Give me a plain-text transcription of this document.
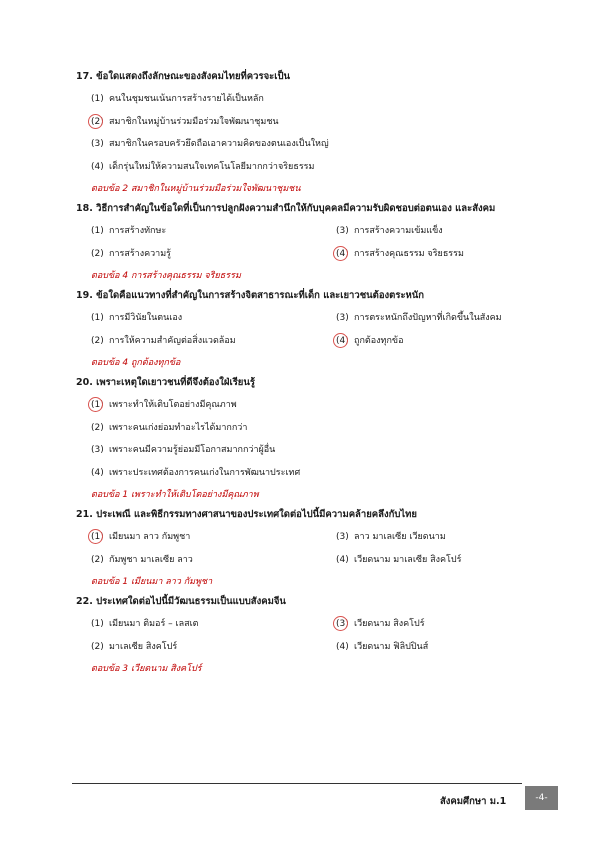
17. ข้อใดแสดงถึงลักษณะของสังคมไทยที่ควรจะเป็น
(1) คนในชุมชนเน้นการสร้างรายได้เป็นหลัก
(2) สมาชิกในหมู่บ้านร่วมมือร่วมใจพัฒนาชุมชน
(3) สมาชิกในครอบครัวยึดถือเอาความคิดของตนเองเป็นใหญ่
(4) เด็กรุ่นใหม่ให้ความสนใจเทคโนโลยีมากกว่าจริยธรรม
ตอบข้อ 2 สมาชิกในหมู่บ้านร่วมมือร่วมใจพัฒนาชุมชน
18. วิธีการสำคัญในข้อใดที่เป็นการปลูกฝังความสำนึกให้กับบุคคลมีความรับผิดชอบต่อตนเอง และสังคม
(1) การสร้างทักษะ	(3) การสร้างความเข้มแข็ง
(2) การสร้างความรู้	(4) การสร้างคุณธรรม จริยธรรม
ตอบข้อ 4 การสร้างคุณธรรม จริยธรรม
19. ข้อใดคือแนวทางที่สำคัญในการสร้างจิตสาธารณะที่เด็ก และเยาวชนต้องตระหนัก
(1) การมีวินัยในตนเอง	(3) การตระหนักถึงปัญหาที่เกิดขึ้นในสังคม
(2) การให้ความสำคัญต่อสิ่งแวดล้อม	(4) ถูกต้องทุกข้อ
ตอบข้อ 4 ถูกต้องทุกข้อ
20. เพราะเหตุใดเยาวชนที่ดีจึงต้องใฝ่เรียนรู้
(1) เพราะทำให้เติบโตอย่างมีคุณภาพ
(2) เพราะคนเก่งย่อมทำอะไรได้มากกว่า
(3) เพราะคนมีความรู้ย่อมมีโอกาสมากกว่าผู้อื่น
(4) เพราะประเทศต้องการคนเก่งในการพัฒนาประเทศ
ตอบข้อ 1 เพราะทำให้เติบโตอย่างมีคุณภาพ
21. ประเพณี และพิธีกรรมทางศาสนาของประเทศใดต่อไปนี้มีความคล้ายคลึงกับไทย
(1) เมียนมา ลาว กัมพูชา	(3) ลาว มาเลเซีย เวียดนาม
(2) กัมพูชา มาเลเซีย ลาว	(4) เวียดนาม มาเลเซีย สิงคโปร์
ตอบข้อ 1 เมียนมา ลาว กัมพูชา
22. ประเทศใดต่อไปนี้มีวัฒนธรรมเป็นแบบสังคมจีน
(1) เมียนมา ติมอร์ – เลสเต	(3) เวียดนาม สิงคโปร์
(2) มาเลเซีย สิงคโปร์	(4) เวียดนาม ฟิลิปปินส์
ตอบข้อ 3 เวียดนาม สิงคโปร์
สังคมศึกษา ม.1	-4-
